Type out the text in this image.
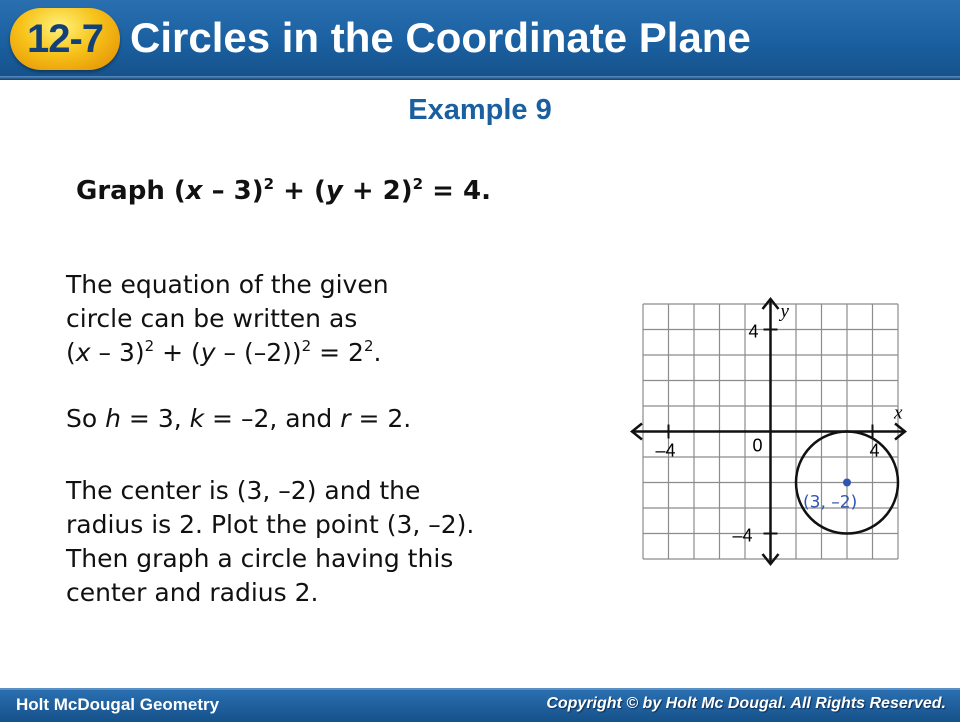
12-7 Circles in the Coordinate Plane
Example 9
Graph $(x - 3)^2 + (y + 2)^2 = 4$.
The equation of the given
circle can be written as
$(x - 3)^2 + (y - (-2))^2 = 2^2$.
So h = 3, k = –2, and r = 2.
The center is (3, –2) and the
radius is 2. Plot the point (3, –2).
Then graph a circle having this
center and radius 2.
4
–4	0	4
–4
x
y
(3, –2)
Holt McDougal Geometry	Copyright © by Holt Mc Dougal. All Rights Reserved.
